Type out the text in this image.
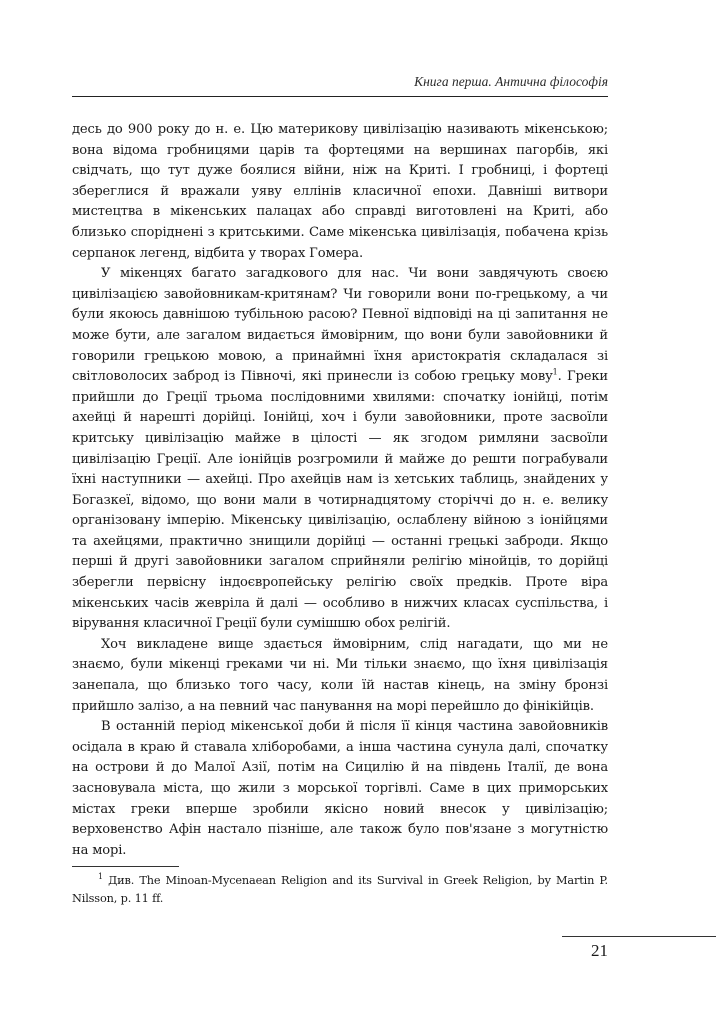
Книга перша. Антична філософія

десь до 900 року до н. е. Цю материкову цивілізацію називають мікенською; вона відома гробницями царів та фортецями на вершинах пагорбів, які свідчать, що тут дуже боялися війни, ніж на Криті. І гробниці, і фортеці збереглися й вражали уяву еллінів класичної епохи. Давніші витвори мистецтва в мікенських палацах або справді виготовлені на Криті, або близько споріднені з критськими. Саме мікенська цивілізація, побачена крізь серпанок легенд, відбита у творах Гомера.

У мікенцях багато загадкового для нас. Чи вони завдячують своєю цивілізацією завойовникам-критянам? Чи говорили вони по-грецькому, а чи були якоюсь давнішою тубільною расою? Певної відповіді на ці запитання не може бути, але загалом видається ймовірним, що вони були завойовники й говорили грецькою мовою, а принаймні їхня аристократія складалася зі світловолосих заброд із Півночі, які принесли із собою грецьку мову$^1$. Греки прийшли до Греції трьома послідовними хвилями: спочатку іонійці, потім ахейці й нарешті дорійці. Іонійці, хоч і були завойовники, проте засвоїли критську цивілізацію майже в цілості — як згодом римляни засвоїли цивілізацію Греції. Але іонійців розгромили й майже до решти пограбували їхні наступники — ахейці. Про ахейців нам із хетських таблиць, знайдених у Богазкеї, відомо, що вони мали в чотирнадцятому сторіччі до н. е. велику організовану імперію. Мікенську цивілізацію, ослаблену війною з іонійцями та ахейцями, практично знищили дорійці — останні грецькі заброди. Якщо перші й другі завойовники загалом сприйняли релігію мінойців, то дорійці зберегли первісну індоєвропейську релігію своїх предків. Проте віра мікенських часів жевріла й далі — особливо в нижчих класах суспільства, і вірування класичної Греції були сумішшю обох релігій.

Хоч викладене вище здається ймовірним, слід нагадати, що ми не знаємо, були мікенці греками чи ні. Ми тільки знаємо, що їхня цивілізація занепала, що близько того часу, коли їй настав кінець, на зміну бронзі прийшло залізо, а на певний час панування на морі перейшло до фінікійців.

В останній період мікенської доби й після її кінця частина завойовників осідала в краю й ставала хліборобами, а інша частина сунула далі, спочатку на острови й до Малої Азії, потім на Сицилію й на південь Італії, де вона засновувала міста, що жили з морської торгівлі. Саме в цих приморських містах греки вперше зробили якісно новий внесок у цивілізацію; верховенство Афін настало пізніше, але також було пов'язане з могутністю на морі.

$^1$ Див. The Minoan-Mycenaean Religion and its Survival in Greek Religion, by Martin P. Nilsson, p. 11 ff.
21
